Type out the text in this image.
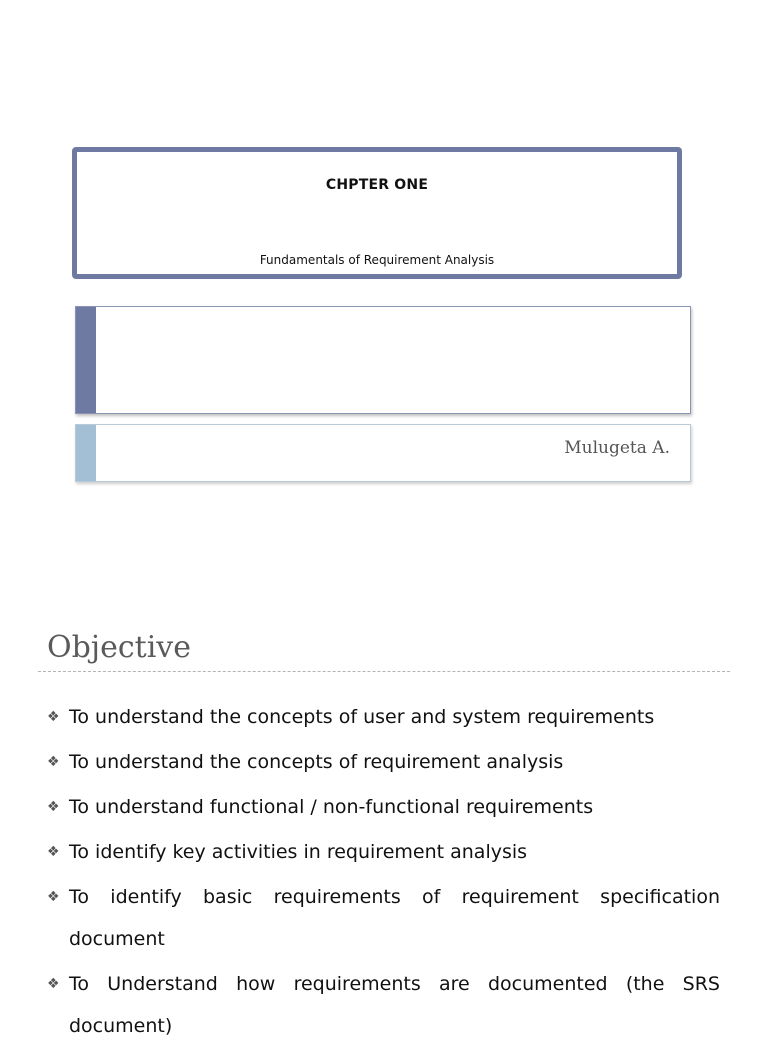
CHPTER ONE
Fundamentals of Requirement Analysis
Mulugeta A.
Objective
❖ To understand the concepts of user and system requirements
❖ To understand the concepts of requirement analysis
❖ To understand functional / non-functional requirements
❖ To identify key activities in requirement analysis
❖ To identify basic requirements of requirement specification document
❖ To Understand how requirements are documented (the SRS document)
